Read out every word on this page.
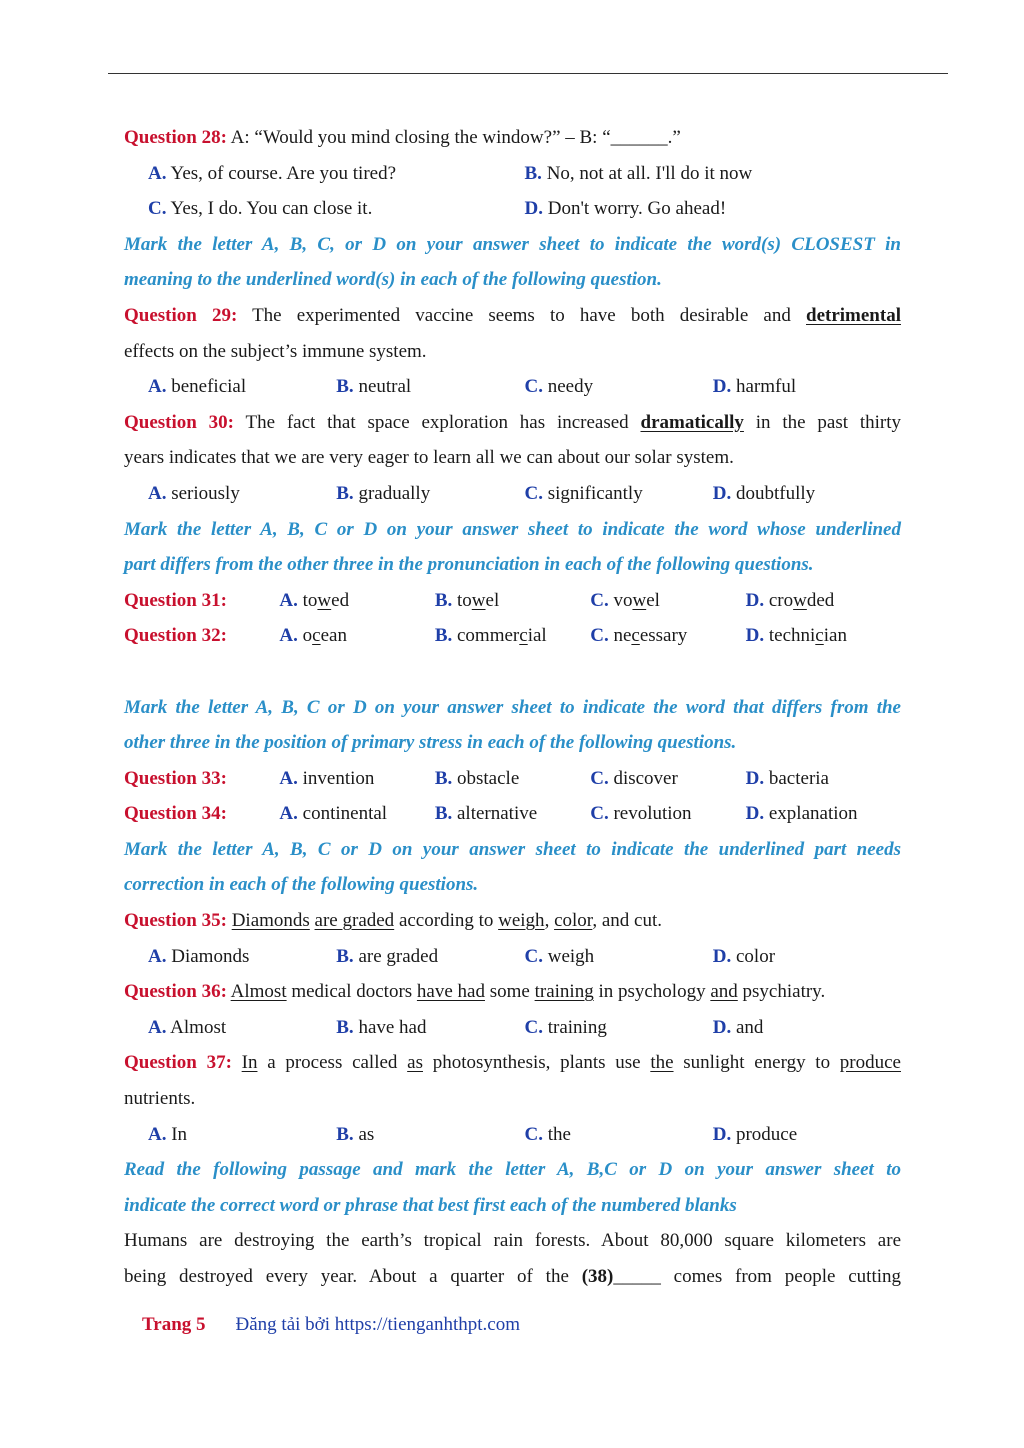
Question 28: A: “Would you mind closing the window?” – B: “______.”
A. Yes, of course. Are you tired?	B. No, not at all. I'll do it now
C. Yes, I do. You can close it.	D. Don't worry. Go ahead!
Mark the letter A, B, C, or D on your answer sheet to indicate the word(s) CLOSEST in
meaning to the underlined word(s) in each of the following question.
Question 29: The experimented vaccine seems to have both desirable and detrimental
effects on the subject’s immune system.
A. beneficial	B. neutral	C. needy	D. harmful
Question 30: The fact that space exploration has increased dramatically in the past thirty
years indicates that we are very eager to learn all we can about our solar system.
A. seriously	B. gradually	C. significantly	D. doubtfully
Mark the letter A, B, C or D on your answer sheet to indicate the word whose underlined
part differs from the other three in the pronunciation in each of the following questions.
Question 31:	A. towed	B. towel	C. vowel	D. crowded
Question 32:	A. ocean	B. commercial	C. necessary	D. technician
Mark the letter A, B, C or D on your answer sheet to indicate the word that differs from the
other three in the position of primary stress in each of the following questions.
Question 33:	A. invention	B. obstacle	C. discover	D. bacteria
Question 34:	A. continental	B. alternative	C. revolution	D. explanation
Mark the letter A, B, C or D on your answer sheet to indicate the underlined part needs
correction in each of the following questions.
Question 35: Diamonds are graded according to weigh, color, and cut.
A. Diamonds	B. are graded	C. weigh	D. color
Question 36: Almost medical doctors have had some training in psychology and psychiatry.
A. Almost	B. have had	C. training	D. and
Question 37: In a process called as photosynthesis, plants use the sunlight energy to produce
nutrients.
A. In	B. as	C. the	D. produce
Read the following passage and mark the letter A, B,C or D on your answer sheet to
indicate the correct word or phrase that best first each of the numbered blanks
Humans are destroying the earth’s tropical rain forests. About 80,000 square kilometers are
being destroyed every year. About a quarter of the (38)_____ comes from people cutting
Trang 5 Đăng tải bởi https://tienganhthpt.com
